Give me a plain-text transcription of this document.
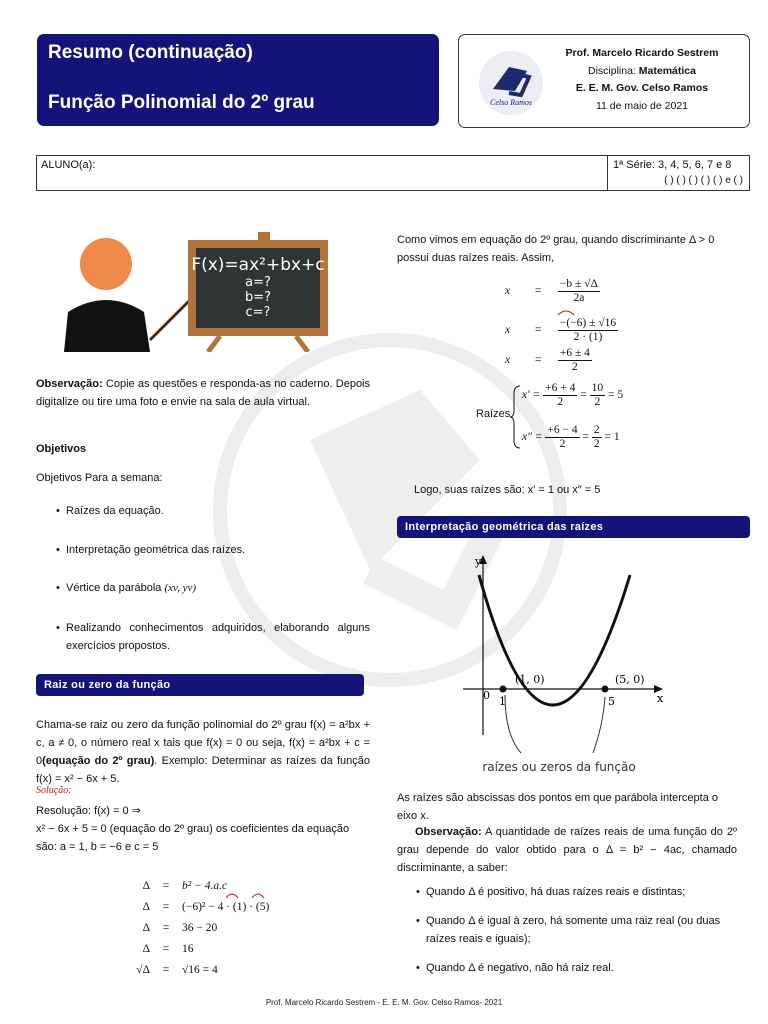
Resumo (continuação)
Função Polinomial do 2º grau	Celso Ramos
Prof. Marcelo Ricardo Sestrem
Disciplina: Matemática
E. E. M. Gov. Celso Ramos
11 de maio de 2021
ALUNO(a):	1ª Série: 3, 4, 5, 6, 7 e 8
( ) ( ) ( ) ( ) ( ) e ( )
F(x)=ax²+bx+c
a=?
b=?
c=?
Observação: Copie as questões e responda-as no caderno. Depois digitalize ou tire uma foto e envie na sala de aula virtual.
Objetivos
Objetivos Para a semana:
• Raízes da equação.
• Interpretação geométrica das raízes.
• Vértice da parábola (xv, yv)
• Realizando conhecimentos adquiridos, elaborando alguns exercícios propostos.
Raiz ou zero da função
Chama-se raiz ou zero da função polinomial do 2º grau f(x) = a²bx + c, a ≠ 0, o número real x tais que f(x) = 0 ou seja, f(x) = a²bx + c = 0(equação do 2º grau). Exemplo: Determinar as raízes da função f(x) = x² − 6x + 5.
Solução:
Resolução: f(x) = 0 ⇒
x² − 6x + 5 = 0 (equação do 2º grau) os coeficientes da equação são: a = 1, b = −6 e c = 5
Δ = b² − 4.a.c
Δ = (−6)² − 4 · (1) · (5)
Δ = 36 − 20
Δ = 16
√Δ = √16 = 4
Como vimos em equação do 2º grau, quando discriminante Δ > 0 possui duas raízes reais. Assim,
$x = \frac{-b \pm √\Delta}{2a}$
$x = \frac{-(-6) \pm √16}{2 \cdot (1)}$
$x = \frac{+6 \pm 4}{2}$
Raízes
$x' = \frac{+6 + 4}{2} = \frac{10}{2} = 5$
$x'' = \frac{+6 - 4}{2} = \frac{2}{2} = 1$
Logo, suas raízes são: x′ = 1 ou x″ = 5
Interpretação geométrica das raízes
y
x
0
(1, 0)	(5, 0)
1	5
raízes ou zeros da função
As raízes são abscissas dos pontos em que parábola intercepta o eixo x.
Observação: A quantidade de raízes reais de uma função do 2º grau depende do valor obtido para o Δ = b² − 4ac, chamado discriminante, a saber:
• Quando Δ é positivo, há duas raízes reais e distintas;
• Quando Δ é igual à zero, há somente uma raiz real (ou duas raízes reais e iguais);
• Quando Δ é negativo, não há raiz real.
Prof. Marcelo Ricardo Sestrem - E. E. M. Gov. Celso Ramos- 2021
